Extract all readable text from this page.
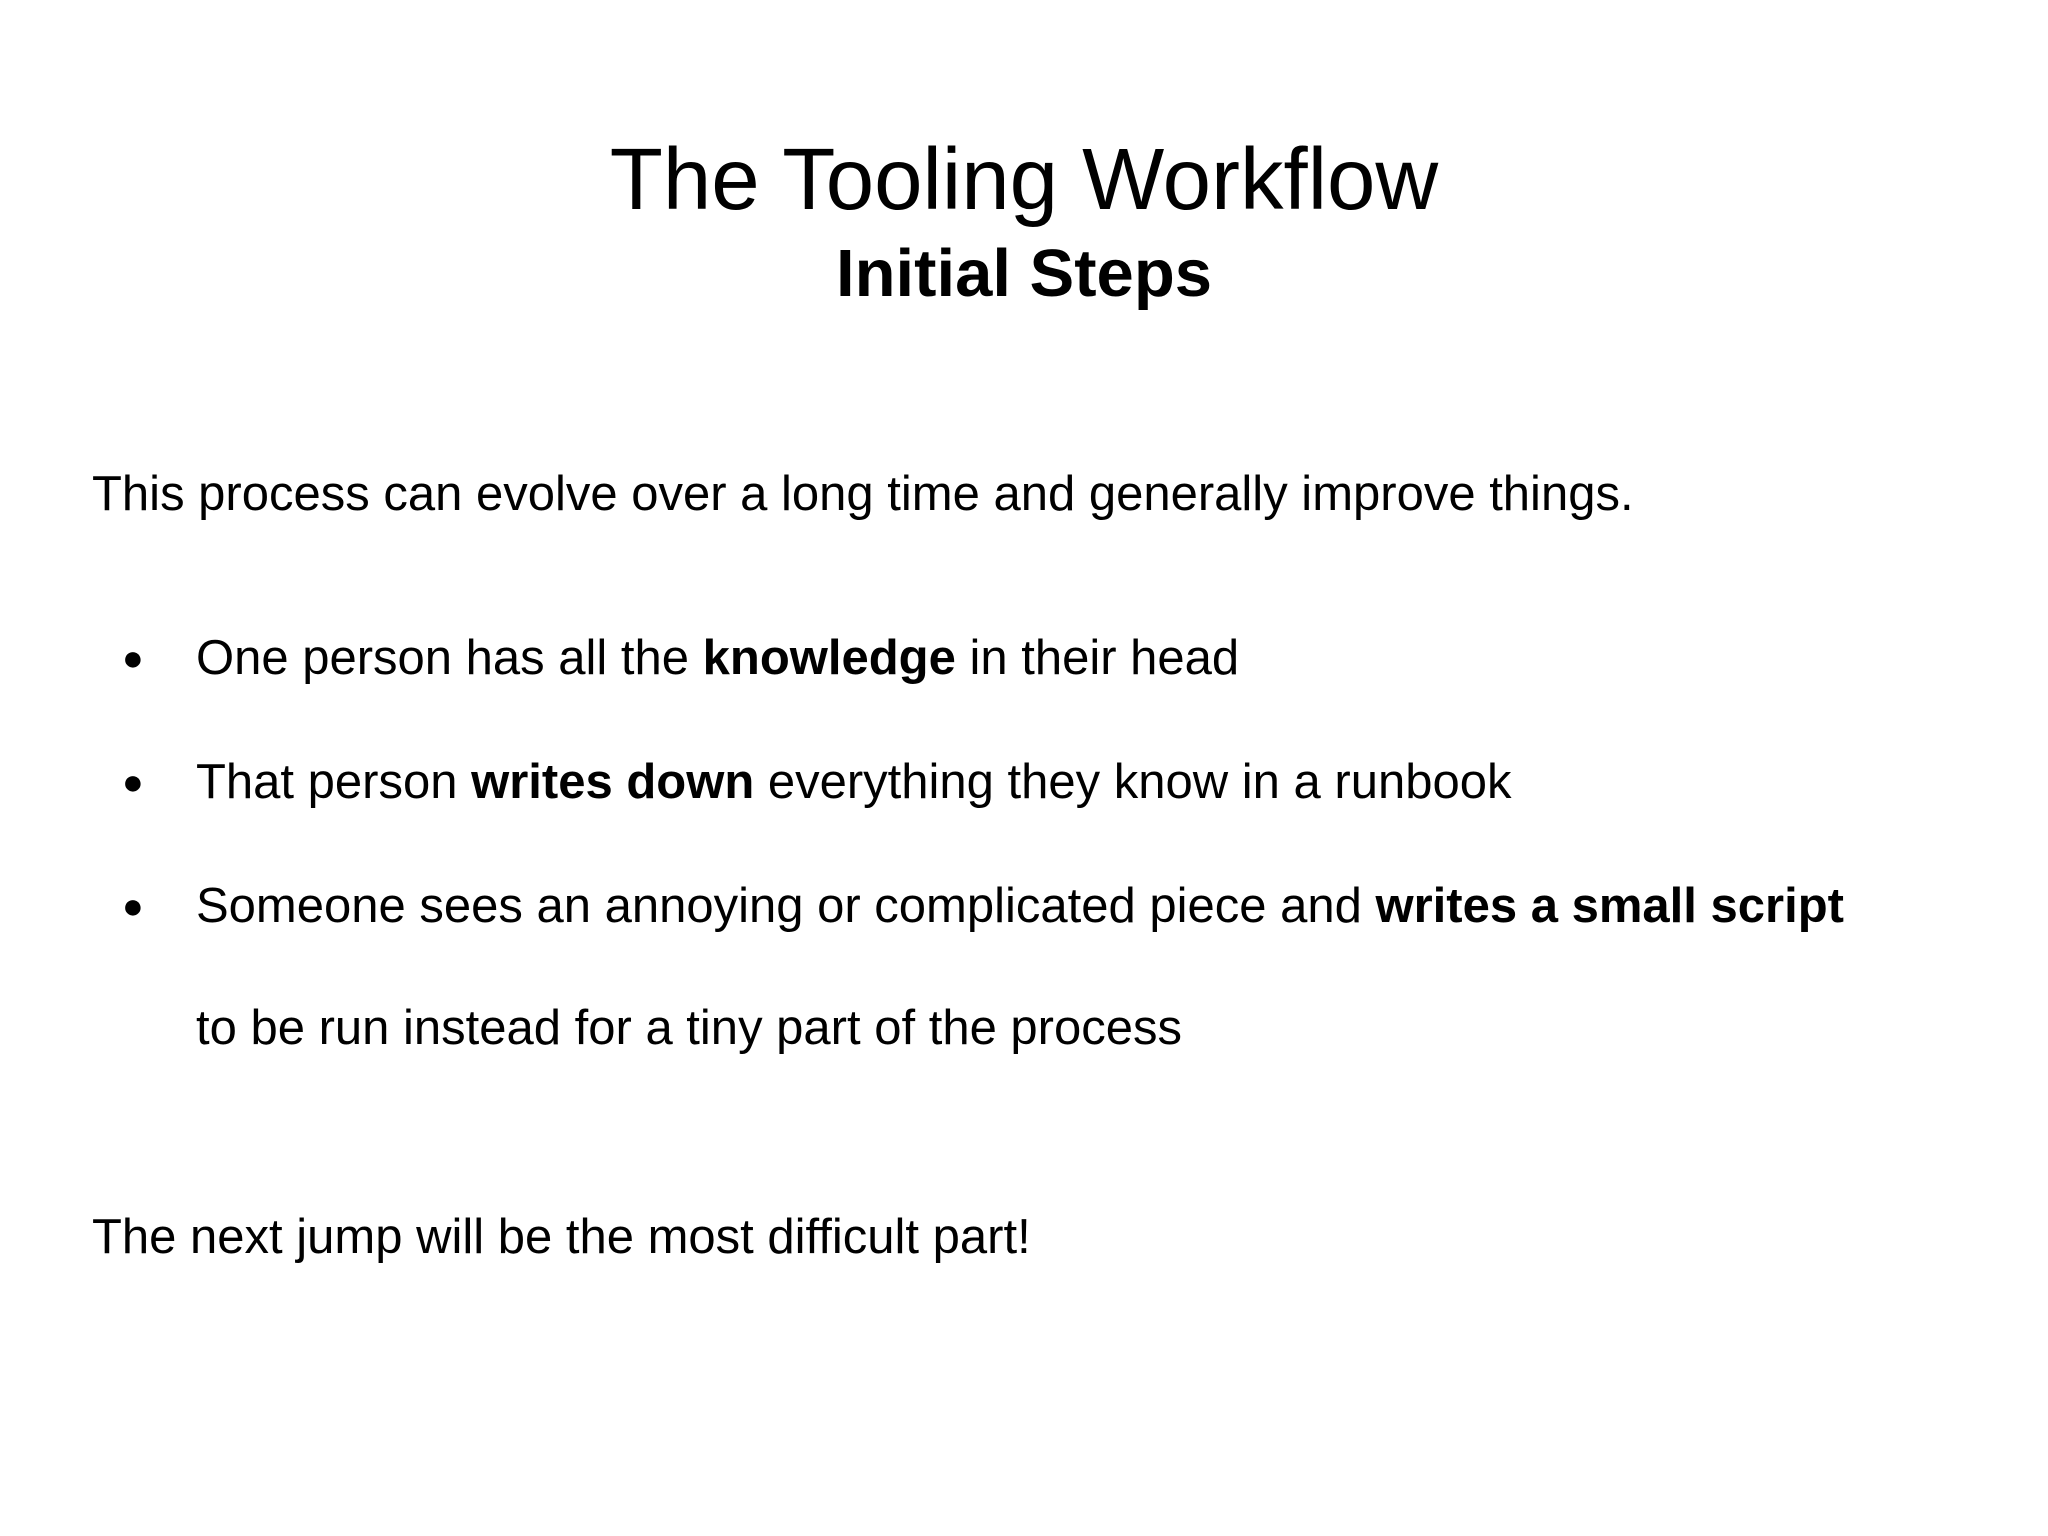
The Tooling Workflow
Initial Steps

This process can evolve over a long time and generally improve things.

● One person has all the knowledge in their head
● That person writes down everything they know in a runbook
● Someone sees an annoying or complicated piece and writes a small script
to be run instead for a tiny part of the process

The next jump will be the most difficult part!
